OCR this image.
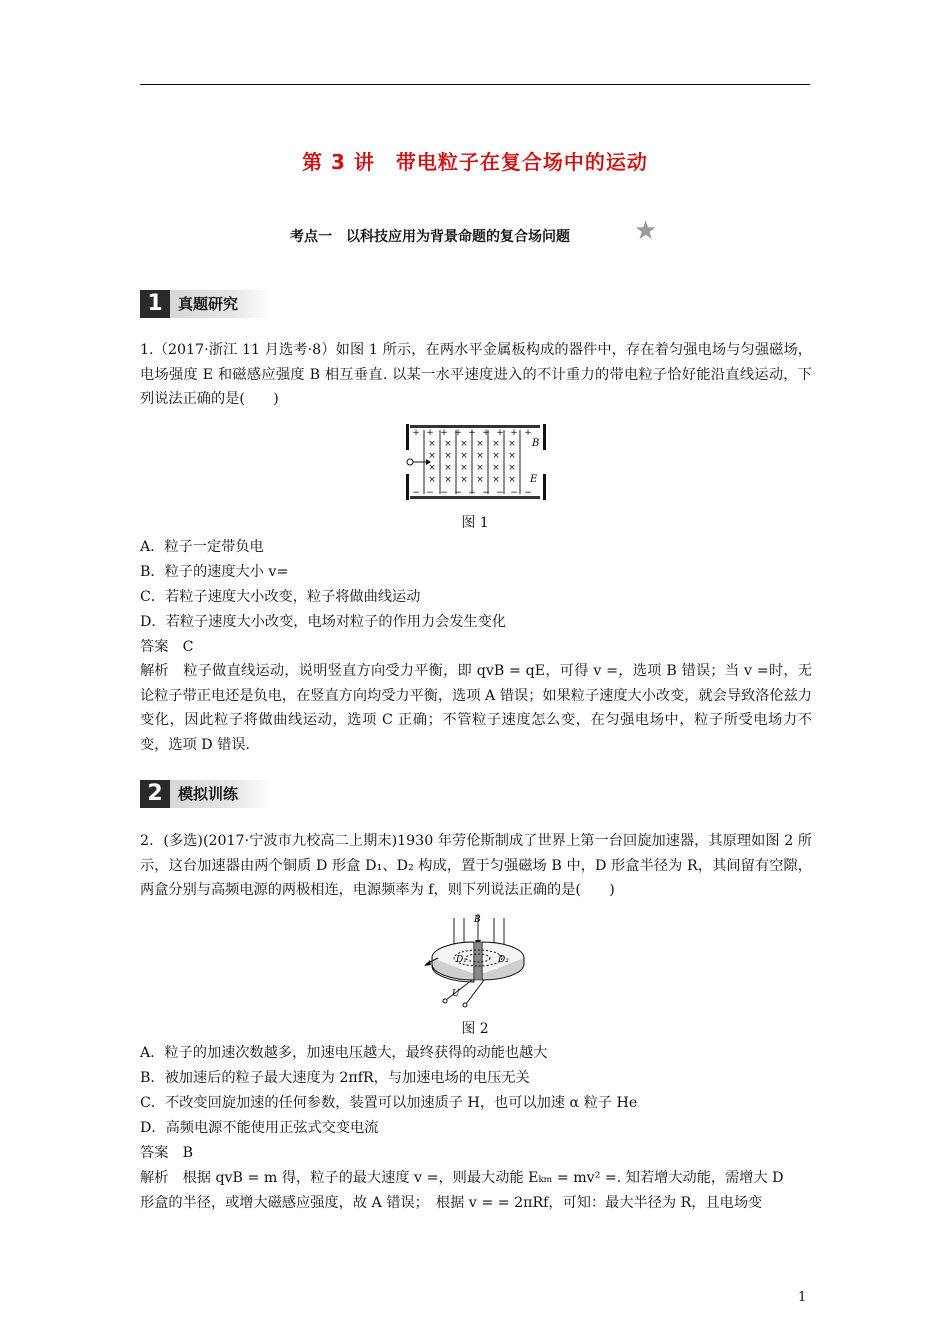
第 3 讲　带电粒子在复合场中的运动
考点一　以科技应用为背景命题的复合场问题 ★
1	真题研究
1.（2017·浙江 11 月选考·8）如图 1 所示，在两水平金属板构成的器件中，存在着匀强电场与匀强磁场，电场强度 E 和磁感应强度 B 相互垂直. 以某一水平速度进入的不计重力的带电粒子恰好能沿直线运动，下列说法正确的是(　　)
+
−
+
−
+
−
+
−
+
−
+
−
+
−
+
−
+
−
× × × × × ×
× × × × × ×
× × × × × ×
× × × × × ×
B
E
图 1
A．粒子一定带负电
B．粒子的速度大小 v=
C．若粒子速度大小改变，粒子将做曲线运动
D．若粒子速度大小改变，电场对粒子的作用力会发生变化
答案　C
解析　粒子做直线运动，说明竖直方向受力平衡，即 qvB = qE，可得 v =，选项 B 错误；当 v =时，无论粒子带正电还是负电，在竖直方向均受力平衡，选项 A 错误；如果粒子速度大小改变，就会导致洛伦兹力变化，因此粒子将做曲线运动，选项 C 正确；不管粒子速度怎么变，在匀强电场中，粒子所受电场力不变，选项 D 错误.
2	模拟训练
2．(多选)(2017·宁波市九校高二上期末)1930 年劳伦斯制成了世界上第一台回旋加速器，其原理如图 2 所示，这台加速器由两个铜质 D 形盒 D₁、D₂ 构成，置于匀强磁场 B 中，D 形盒半径为 R，其间留有空隙，两盒分别与高频电源的两极相连，电源频率为 f，则下列说法正确的是(　　)
B
D₁	D₂
U
图 2
A．粒子的加速次数越多，加速电压越大，最终获得的动能也越大
B．被加速后的粒子最大速度为 2πfR，与加速电场的电压无关
C．不改变回旋加速的任何参数，装置可以加速质子 H，也可以加速 α 粒子 He
D．高频电源不能使用正弦式交变电流
答案　B
解析　根据 qvB = m 得，粒子的最大速度 v =，则最大动能 Eₖₘ = mv² =. 知若增大动能，需增大 D
形盒的半径，或增大磁感应强度，故 A 错误；　根据 v = = 2πRf，可知：最大半径为 R，且电场变
1
